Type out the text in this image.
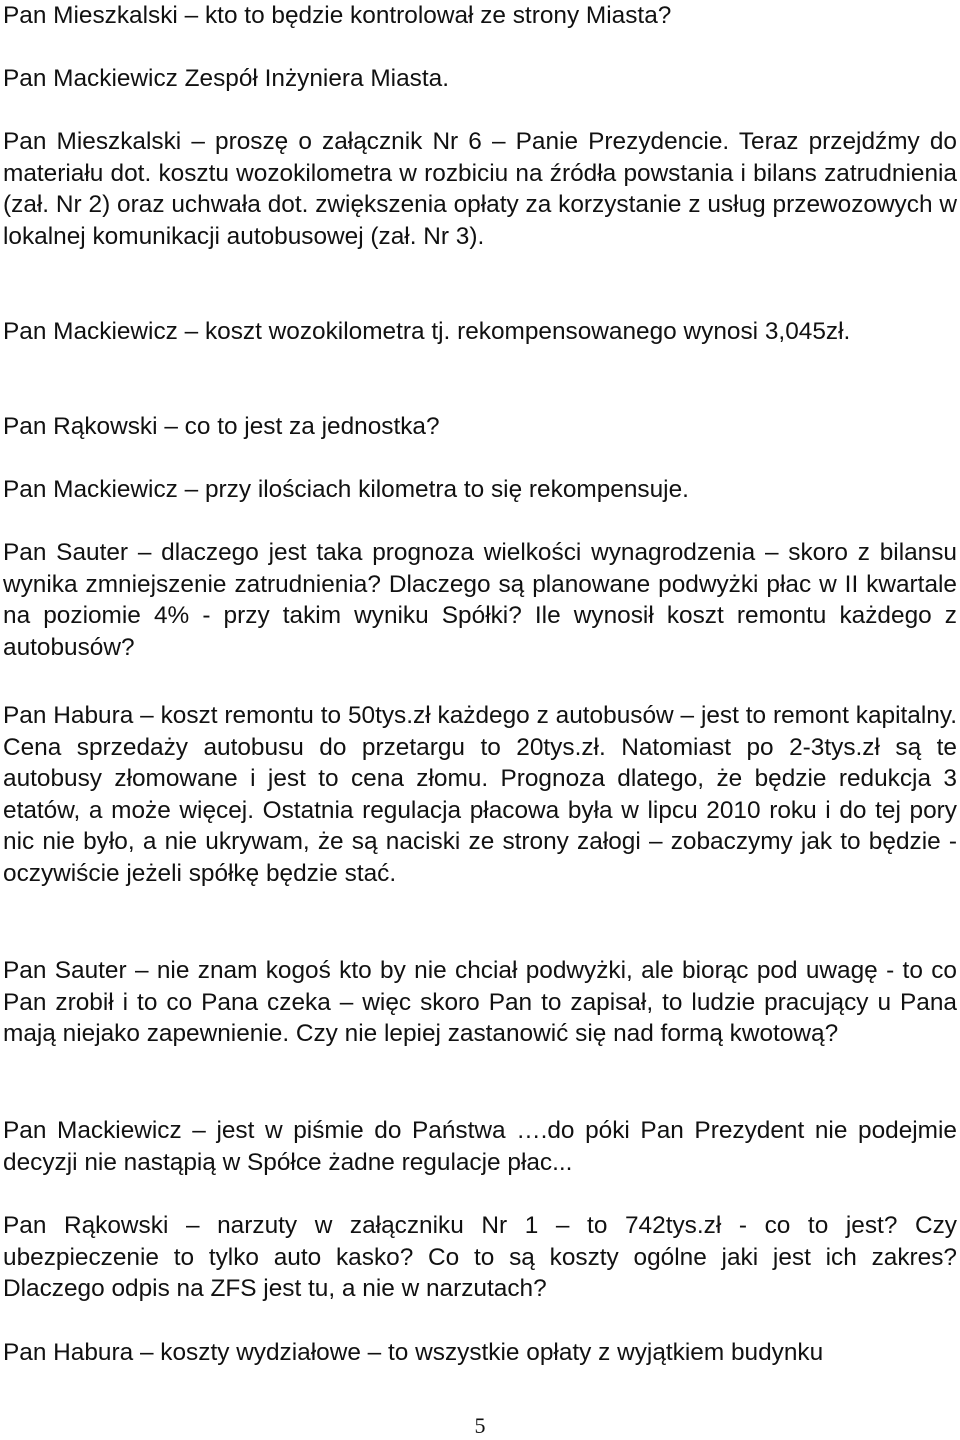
Pan Mieszkalski – kto to będzie kontrolował ze strony Miasta?

Pan Mackiewicz Zespół Inżyniera Miasta.

Pan Mieszkalski – proszę o załącznik Nr 6 – Panie Prezydencie. Teraz przejdźmy do materiału dot. kosztu wozokilometra w rozbiciu na źródła powstania i bilans zatrudnienia (zał. Nr 2) oraz uchwała dot. zwiększenia opłaty za korzystanie z usług przewozowych w lokalnej komunikacji autobusowej (zał. Nr 3).

Pan Mackiewicz – koszt wozokilometra tj. rekompensowanego wynosi 3,045zł.

Pan Rąkowski – co to jest za jednostka?

Pan Mackiewicz – przy ilościach kilometra to się rekompensuje.

Pan Sauter – dlaczego jest taka prognoza wielkości wynagrodzenia – skoro z bilansu wynika zmniejszenie zatrudnienia? Dlaczego są planowane podwyżki płac w II kwartale na poziomie 4% - przy takim wyniku Spółki? Ile wynosił koszt remontu każdego z autobusów?

Pan Habura – koszt remontu to 50tys.zł każdego z autobusów – jest to remont kapitalny. Cena sprzedaży autobusu do przetargu to 20tys.zł. Natomiast po 2-3tys.zł są te autobusy złomowane i jest to cena złomu. Prognoza dlatego, że będzie redukcja 3 etatów, a może więcej. Ostatnia regulacja płacowa była w lipcu 2010 roku i do tej pory nic nie było, a nie ukrywam, że są naciski ze strony załogi – zobaczymy jak to będzie - oczywiście jeżeli spółkę będzie stać.

Pan Sauter – nie znam kogoś kto by nie chciał podwyżki, ale biorąc pod uwagę - to co Pan zrobił i to co Pana czeka – więc skoro Pan to zapisał, to ludzie pracujący u Pana mają niejako zapewnienie. Czy nie lepiej zastanowić się nad formą kwotową?

Pan Mackiewicz – jest w piśmie do Państwa ….do póki Pan Prezydent nie podejmie decyzji nie nastąpią w Spółce żadne regulacje płac...

Pan Rąkowski – narzuty w załączniku Nr 1 – to 742tys.zł - co to jest? Czy ubezpieczenie to tylko auto kasko? Co to są koszty ogólne jaki jest ich zakres? Dlaczego odpis na ZFS jest tu, a nie w narzutach?

Pan Habura – koszty wydziałowe – to wszystkie opłaty z wyjątkiem budynku

5
